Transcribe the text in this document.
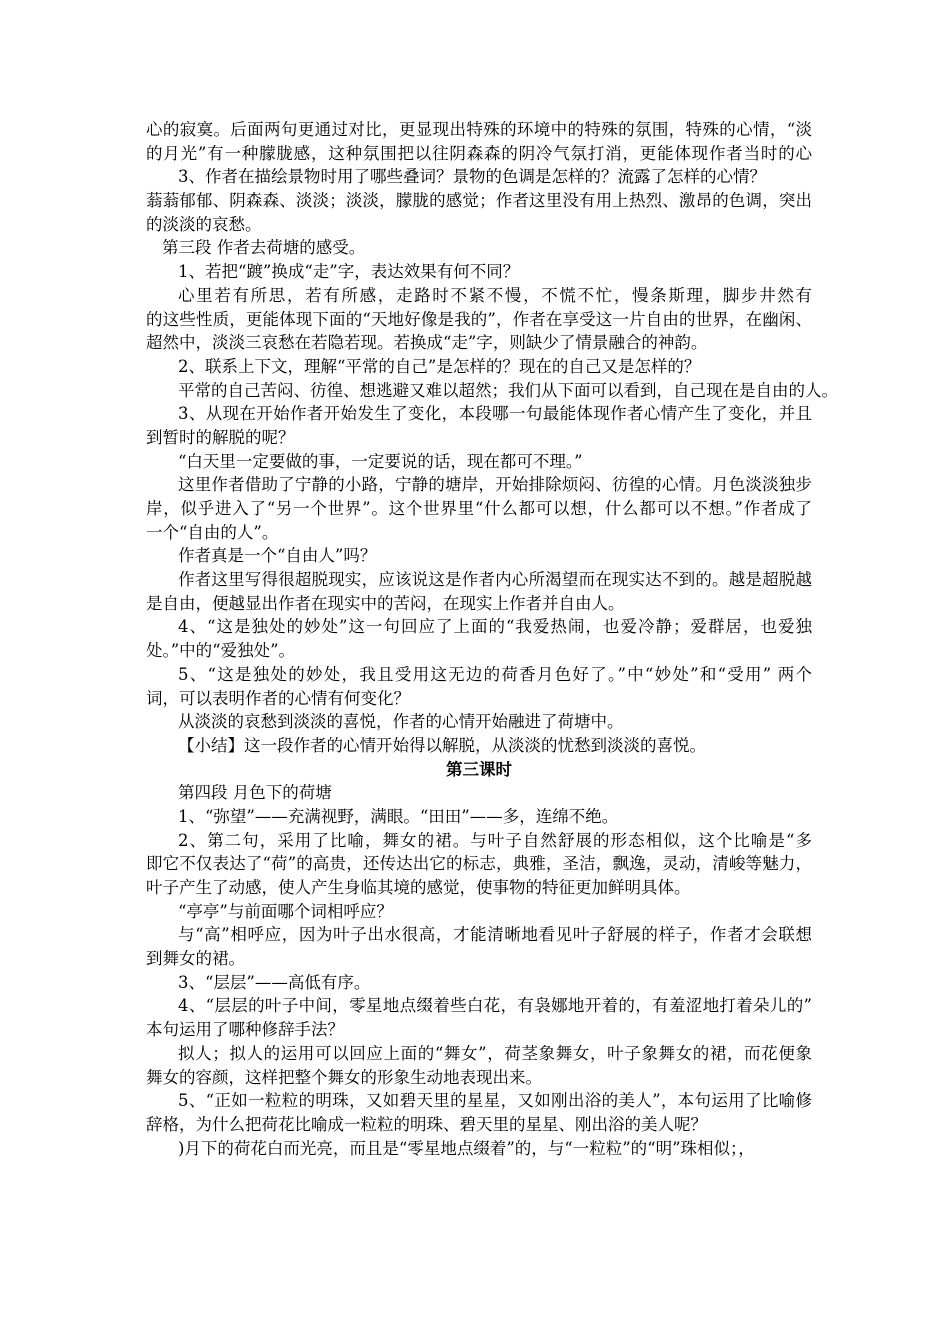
心的寂寞。后面两句更通过对比，更显现出特殊的环境中的特殊的氛围，特殊的心情，“淡
的月光”有一种朦胧感，这种氛围把以往阴森森的阴冷气氛打消，更能体现作者当时的心
3、作者在描绘景物时用了哪些叠词？景物的色调是怎样的？流露了怎样的心情？
蓊蓊郁郁、阴森森、淡淡；淡淡，朦胧的感觉；作者这里没有用上热烈、激昂的色调，突出
的淡淡的哀愁。
第三段 作者去荷塘的感受。
1、若把“踱”换成“走”字，表达效果有何不同？
心里若有所思，若有所感，走路时不紧不慢，不慌不忙，慢条斯理，脚步井然有
的这些性质，更能体现下面的“天地好像是我的”，作者在享受这一片自由的世界，在幽闲、
超然中，淡淡三哀愁在若隐若现。若换成“走”字，则缺少了情景融合的神韵。
2、联系上下文，理解“平常的自己”是怎样的？现在的自己又是怎样的？
平常的自己苦闷、彷徨、想逃避又难以超然；我们从下面可以看到，自己现在是自由的人。
3、从现在开始作者开始发生了变化，本段哪一句最能体现作者心情产生了变化，并且
到暂时的解脱的呢？
“白天里一定要做的事，一定要说的话，现在都可不理。”
这里作者借助了宁静的小路，宁静的塘岸，开始排除烦闷、彷徨的心情。月色淡淡独步
岸，似乎进入了“另一个世界”。这个世界里“什么都可以想，什么都可以不想。”作者成了
一个“自由的人”。
作者真是一个“自由人”吗？
作者这里写得很超脱现实，应该说这是作者内心所渴望而在现实达不到的。越是超脱越
是自由，便越显出作者在现实中的苦闷，在现实上作者并自由人。
4、“这是独处的妙处”这一句回应了上面的“我爱热闹，也爱冷静；爱群居，也爱独
处。”中的“爱独处”。
5、“这是独处的妙处，我且受用这无边的荷香月色好了。”中“妙处”和“受用” 两个
词，可以表明作者的心情有何变化？
从淡淡的哀愁到淡淡的喜悦，作者的心情开始融进了荷塘中。
【小结】这一段作者的心情开始得以解脱，从淡淡的忧愁到淡淡的喜悦。
第三课时
第四段 月色下的荷塘
1、“弥望”——充满视野，满眼。“田田”——多，连绵不绝。
2、第二句，采用了比喻，舞女的裙。与叶子自然舒展的形态相似，这个比喻是“多
即它不仅表达了“荷”的高贵，还传达出它的标志，典雅，圣洁，飘逸，灵动，清峻等魅力，
叶子产生了动感，使人产生身临其境的感觉，使事物的特征更加鲜明具体。
“亭亭”与前面哪个词相呼应？
与“高”相呼应，因为叶子出水很高，才能清晰地看见叶子舒展的样子，作者才会联想
到舞女的裙。
3、“层层”——高低有序。
4、“层层的叶子中间，零星地点缀着些白花，有袅娜地开着的，有羞涩地打着朵儿的”
本句运用了哪种修辞手法？
拟人；拟人的运用可以回应上面的“舞女”，荷茎象舞女，叶子象舞女的裙，而花便象
舞女的容颜，这样把整个舞女的形象生动地表现出来。
5、“正如一粒粒的明珠，又如碧天里的星星，又如刚出浴的美人”，本句运用了比喻修
辞格，为什么把荷花比喻成一粒粒的明珠、碧天里的星星、刚出浴的美人呢？
)月下的荷花白而光亮，而且是“零星地点缀着”的，与“一粒粒”的“明”珠相似；，
